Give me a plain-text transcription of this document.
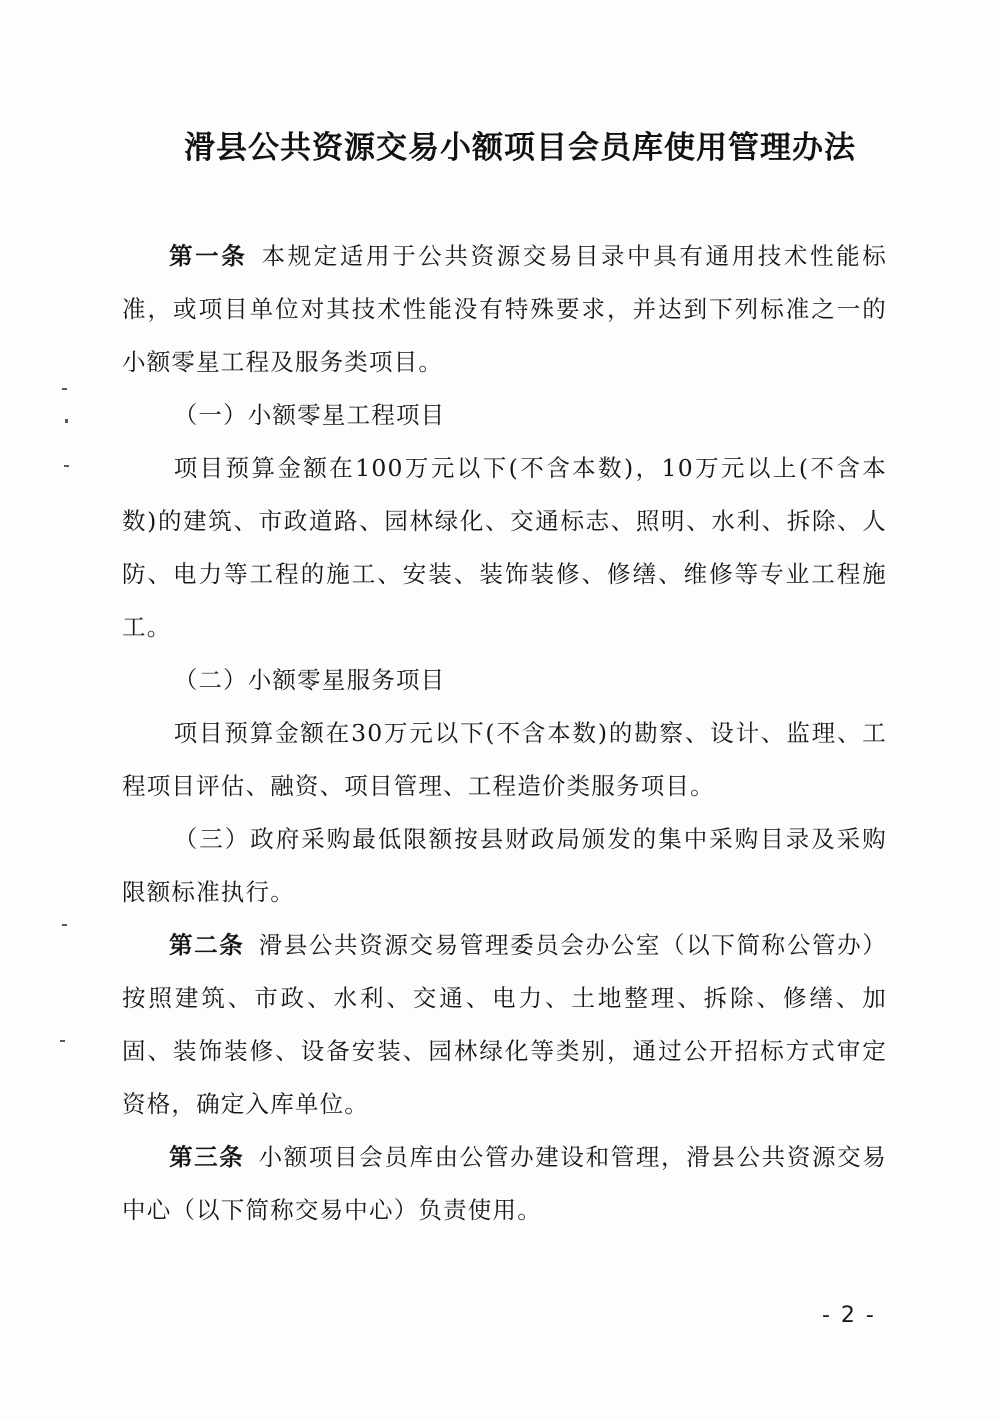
滑县公共资源交易小额项目会员库使用管理办法

第一条 本规定适用于公共资源交易目录中具有通用技术性能标准，或项目单位对其技术性能没有特殊要求，并达到下列标准之一的小额零星工程及服务类项目。

（一）小额零星工程项目

项目预算金额在100万元以下(不含本数)，10万元以上(不含本数)的建筑、市政道路、园林绿化、交通标志、照明、水利、拆除、人防、电力等工程的施工、安装、装饰装修、修缮、维修等专业工程施工。

（二）小额零星服务项目

项目预算金额在30万元以下(不含本数)的勘察、设计、监理、工程项目评估、融资、项目管理、工程造价类服务项目。

（三）政府采购最低限额按县财政局颁发的集中采购目录及采购限额标准执行。

第二条 滑县公共资源交易管理委员会办公室（以下简称公管办）按照建筑、市政、水利、交通、电力、土地整理、拆除、修缮、加固、装饰装修、设备安装、园林绿化等类别，通过公开招标方式审定资格，确定入库单位。

第三条 小额项目会员库由公管办建设和管理，滑县公共资源交易中心（以下简称交易中心）负责使用。

- 2 -
